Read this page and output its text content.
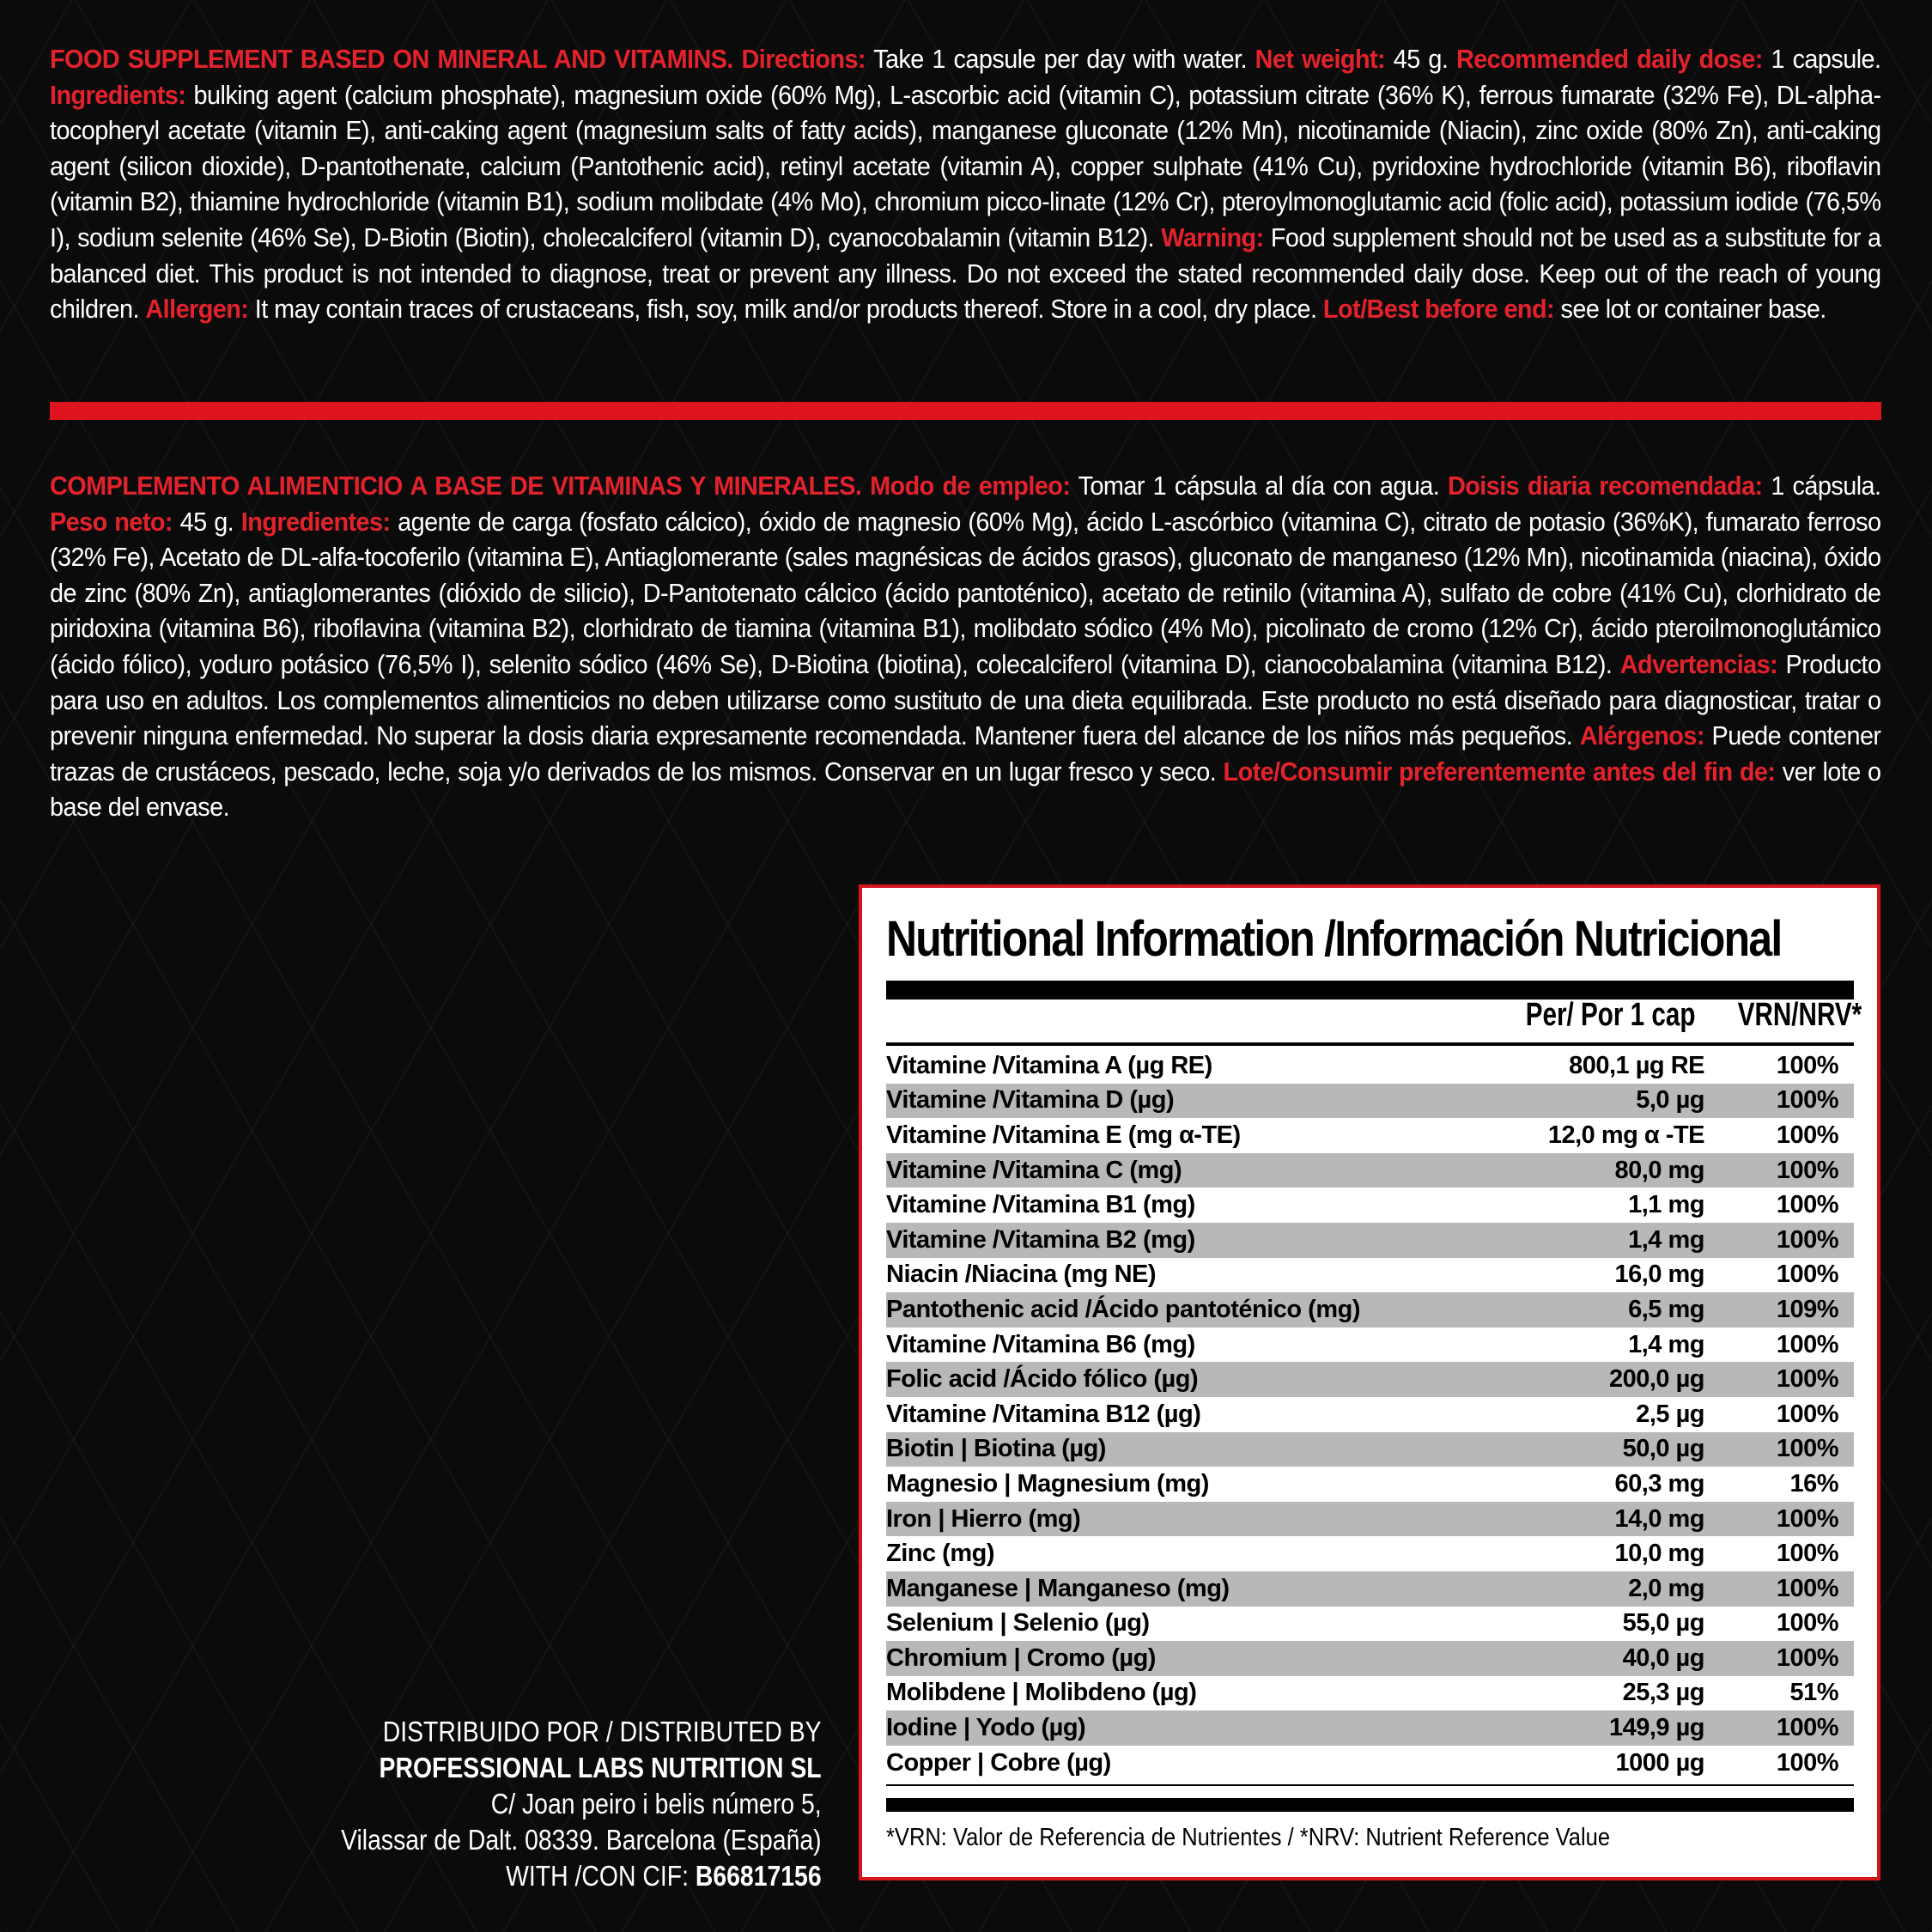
FOOD SUPPLEMENT BASED ON MINERAL AND VITAMINS. Directions: Take 1 capsule per day with water. Net weight: 45 g. Recommended daily dose: 1 capsule. Ingredients: bulking agent (calcium phosphate), magnesium oxide (60% Mg), L-ascorbic acid (vitamin C), potassium citrate (36% K), ferrous fumarate (32% Fe), DL-alpha-tocopheryl acetate (vitamin E), anti-caking agent (magnesium salts of fatty acids), manganese gluconate (12% Mn), nicotinamide (Niacin), zinc oxide (80% Zn), anti-caking agent (silicon dioxide), D-pantothenate, calcium (Pantothenic acid), retinyl acetate (vitamin A), copper sulphate (41% Cu), pyridoxine hydrochloride (vitamin B6), riboflavin (vitamin B2), thiamine hydrochloride (vitamin B1), sodium molibdate (4% Mo), chromium picco-linate (12% Cr), pteroylmonoglutamic acid (folic acid), potassium iodide (76,5% I), sodium selenite (46% Se), D-Biotin (Biotin), cholecalciferol (vitamin D), cyanocobalamin (vitamin B12). Warning: Food supplement should not be used as a substitute for a balanced diet. This product is not intended to diagnose, treat or prevent any illness. Do not exceed the stated recommended daily dose. Keep out of the reach of young children. Allergen: It may contain traces of crustaceans, fish, soy, milk and/or products thereof. Store in a cool, dry place. Lot/Best before end: see lot or container base.
COMPLEMENTO ALIMENTICIO A BASE DE VITAMINAS Y MINERALES. Modo de empleo: Tomar 1 cápsula al día con agua. Doisis diaria recomendada: 1 cápsula. Peso neto: 45 g. Ingredientes: agente de carga (fosfato cálcico), óxido de magnesio (60% Mg), ácido L-ascórbico (vitamina C), citrato de potasio (36%K), fumarato ferroso (32% Fe), Acetato de DL-alfa-tocoferilo (vitamina E), Antiaglomerante (sales magnésicas de ácidos grasos), gluconato de manganeso (12% Mn), nicotinamida (niacina), óxido de zinc (80% Zn), antiaglomerantes (dióxido de silicio), D-Pantotenato cálcico (ácido pantoténico), acetato de retinilo (vitamina A), sulfato de cobre (41% Cu), clorhidrato de piridoxina (vitamina B6), riboflavina (vitamina B2), clorhidrato de tiamina (vitamina B1), molibdato sódico (4% Mo), picolinato de cromo (12% Cr), ácido pteroilmonoglutámico (ácido fólico), yoduro potásico (76,5% I), selenito sódico (46% Se), D-Biotina (biotina), colecalciferol (vitamina D), cianocobalamina (vitamina B12). Advertencias: Producto para uso en adultos. Los complementos alimenticios no deben utilizarse como sustituto de una dieta equilibrada. Este producto no está diseñado para diagnosticar, tratar o prevenir ninguna enfermedad. No superar la dosis diaria expresamente recomendada. Mantener fuera del alcance de los niños más pequeños. Alérgenos: Puede contener trazas de crustáceos, pescado, leche, soja y/o derivados de los mismos. Conservar en un lugar fresco y seco. Lote/Consumir preferentemente antes del fin de: ver lote o base del envase.
Nutritional Information /Información Nutricional
Per/ Por 1 cap VRN/NRV*
Vitamine /Vitamina A (µg RE)	800,1 µg RE	100%
Vitamine /Vitamina D (µg)	5,0 µg	100%
Vitamine /Vitamina E (mg α-TE)	12,0 mg α -TE	100%
Vitamine /Vitamina C (mg)	80,0 mg	100%
Vitamine /Vitamina B1 (mg)	1,1 mg	100%
Vitamine /Vitamina B2 (mg)	1,4 mg	100%
Niacin /Niacina (mg NE)	16,0 mg	100%
Pantothenic acid /Ácido pantoténico (mg)	6,5 mg	109%
Vitamine /Vitamina B6 (mg)	1,4 mg	100%
Folic acid /Ácido fólico (µg)	200,0 µg	100%
Vitamine /Vitamina B12 (µg)	2,5 µg	100%
Biotin | Biotina (µg)	50,0 µg	100%
Magnesio | Magnesium (mg)	60,3 mg	16%
Iron | Hierro (mg)	14,0 mg	100%
Zinc (mg)	10,0 mg	100%
Manganese | Manganeso (mg)	2,0 mg	100%
Selenium | Selenio (µg)	55,0 µg	100%
Chromium | Cromo (µg)	40,0 µg	100%
Molibdene | Molibdeno (µg)	25,3 µg	51%
Iodine | Yodo (µg)	149,9 µg	100%
Copper | Cobre (µg)	1000 µg	100%
*VRN: Valor de Referencia de Nutrientes / *NRV: Nutrient Reference Value
DISTRIBUIDO POR / DISTRIBUTED BY
PROFESSIONAL LABS NUTRITION SL
C/ Joan peiro i belis número 5,
Vilassar de Dalt. 08339. Barcelona (España)
WITH /CON CIF: B66817156
